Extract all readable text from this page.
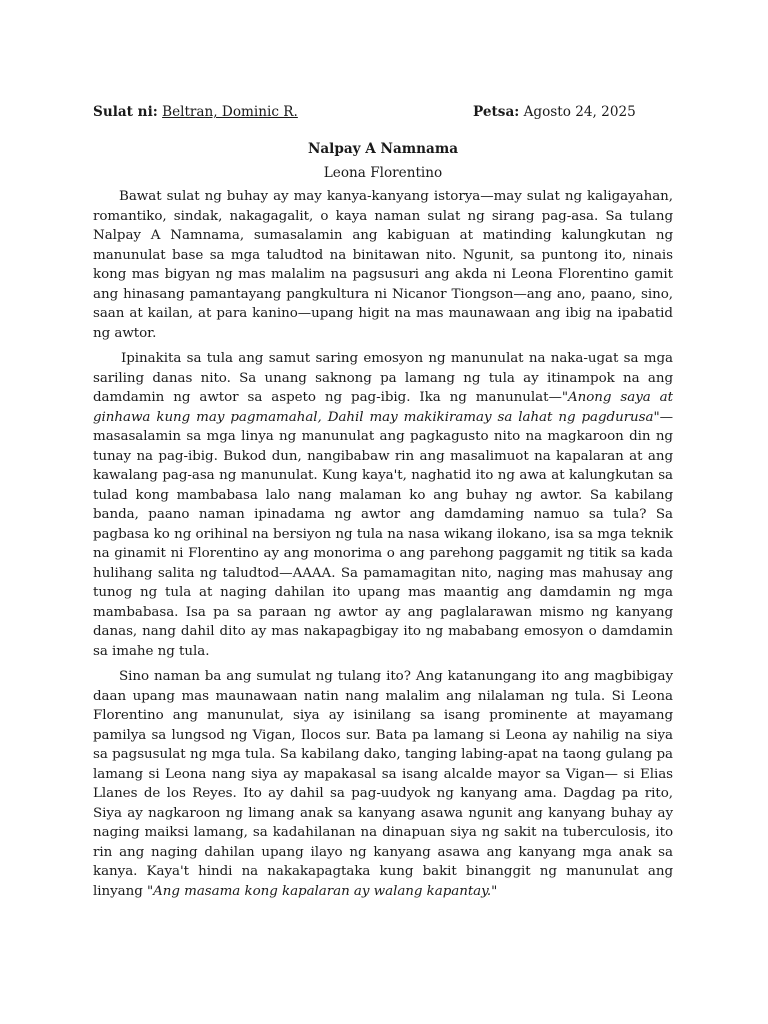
Sulat ni: Beltran, Dominic R.	Petsa: Agosto 24, 2025
Nalpay A Namnama
Leona Florentino

Bawat sulat ng buhay ay may kanya-kanyang istorya—may sulat ng kaligayahan, romantiko, sindak, nakagagalit, o kaya naman sulat ng sirang pag-asa. Sa tulang Nalpay A Namnama, sumasalamin ang kabiguan at matinding kalungkutan ng manunulat base sa mga taludtod na binitawan nito. Ngunit, sa puntong ito, ninais kong mas bigyan ng mas malalim na pagsusuri ang akda ni Leona Florentino gamit ang hinasang pamantayang pangkultura ni Nicanor Tiongson—ang ano, paano, sino, saan at kailan, at para kanino—upang higit na mas maunawaan ang ibig na ipabatid ng awtor.

Ipinakita sa tula ang samut saring emosyon ng manunulat na naka-ugat sa mga sariling danas nito. Sa unang saknong pa lamang ng tula ay itinampok na ang damdamin ng awtor sa aspeto ng pag-ibig. Ika ng manunulat—"Anong saya at ginhawa kung may pagmamahal, Dahil may makikiramay sa lahat ng pagdurusa"—masasalamin sa mga linya ng manunulat ang pagkagusto nito na magkaroon din ng tunay na pag-ibig. Bukod dun, nangibabaw rin ang masalimuot na kapalaran at ang kawalang pag-asa ng manunulat. Kung kaya't, naghatid ito ng awa at kalungkutan sa tulad kong mambabasa lalo nang malaman ko ang buhay ng awtor. Sa kabilang banda, paano naman ipinadama ng awtor ang damdaming namuo sa tula? Sa pagbasa ko ng orihinal na bersiyon ng tula na nasa wikang ilokano, isa sa mga teknik na ginamit ni Florentino ay ang monorima o ang parehong paggamit ng titik sa kada hulihang salita ng taludtod—AAAA. Sa pamamagitan nito, naging mas mahusay ang tunog ng tula at naging dahilan ito upang mas maantig ang damdamin ng mga mambabasa. Isa pa sa paraan ng awtor ay ang paglalarawan mismo ng kanyang danas, nang dahil dito ay mas nakapagbigay ito ng mababang emosyon o damdamin sa imahe ng tula.

Sino naman ba ang sumulat ng tulang ito? Ang katanungang ito ang magbibigay daan upang mas maunawaan natin nang malalim ang nilalaman ng tula. Si Leona Florentino ang manunulat, siya ay isinilang sa isang prominente at mayamang pamilya sa lungsod ng Vigan, Ilocos sur. Bata pa lamang si Leona ay nahilig na siya sa pagsusulat ng mga tula. Sa kabilang dako, tanging labing-apat na taong gulang pa lamang si Leona nang siya ay mapakasal sa isang alcalde mayor sa Vigan— si Elias Llanes de los Reyes. Ito ay dahil sa pag-uudyok ng kanyang ama. Dagdag pa rito, Siya ay nagkaroon ng limang anak sa kanyang asawa ngunit ang kanyang buhay ay naging maiksi lamang, sa kadahilanan na dinapuan siya ng sakit na tuberculosis, ito rin ang naging dahilan upang ilayo ng kanyang asawa ang kanyang mga anak sa kanya. Kaya't hindi na nakakapagtaka kung bakit binanggit ng manunulat ang linyang "Ang masama kong kapalaran ay walang kapantay."
